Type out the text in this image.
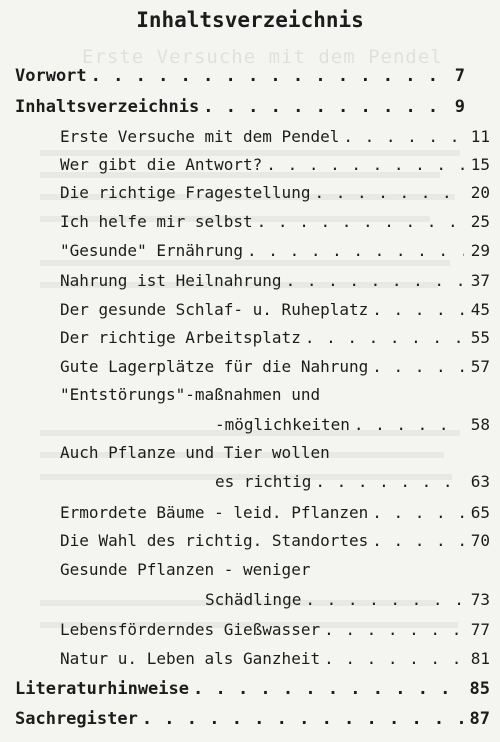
Erste Versuche mit dem Pendel
Inhaltsverzeichnis
Vorwort . . .	7
Inhaltsverzeichnis . . .	9
Erste Versuche mit dem Pendel . . .	11
Wer gibt die Antwort? . . .	15
Die richtige Fragestellung . . .	20
Ich helfe mir selbst . . .	25
"Gesunde" Ernährung . . .	29
Nahrung ist Heilnahrung . . .	37
Der gesunde Schlaf- u. Ruheplatz . . .	45
Der richtige Arbeitsplatz . . .	55
Gute Lagerplätze für die Nahrung . . .	57
"Entstörungs"-maßnahmen und
-möglichkeiten . . .	58
Auch Pflanze und Tier wollen
es richtig . . .	63
Ermordete Bäume - leid. Pflanzen . . .	65
Die Wahl des richtig. Standortes . . .	70
Gesunde Pflanzen - weniger
Schädlinge . . .	73
Lebensförderndes Gießwasser . . .	77
Natur u. Leben als Ganzheit . . .	81
Literaturhinweise . . .	85
Sachregister . . .	87
